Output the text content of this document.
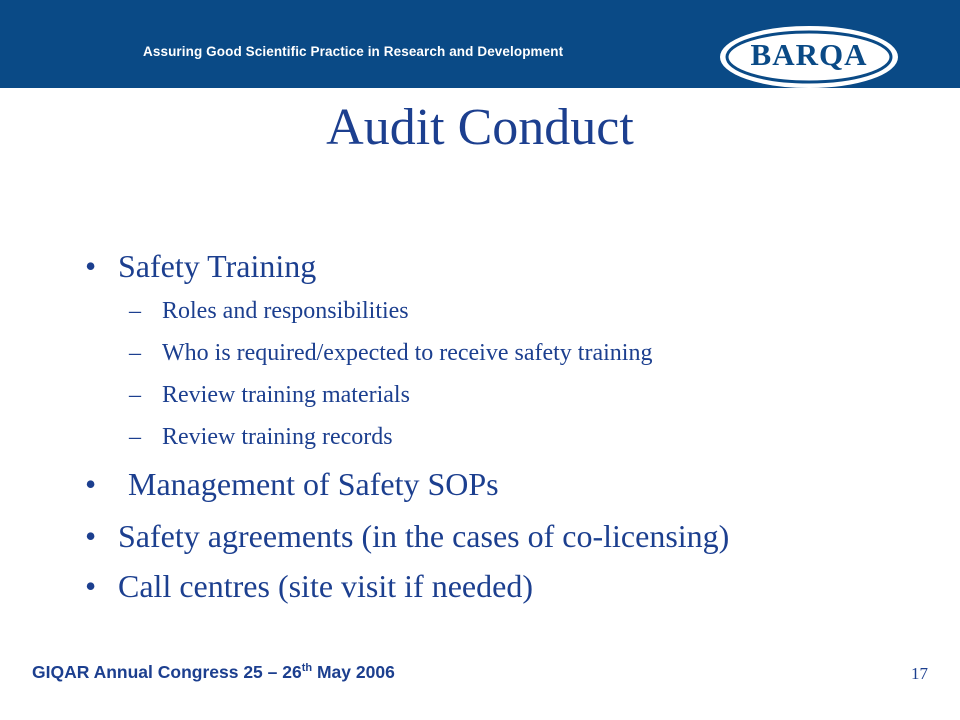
Assuring Good Scientific Practice in Research and Development	BARQA
Audit Conduct
• Safety Training
– Roles and responsibilities
– Who is required/expected to receive safety training
– Review training materials
– Review training records
• Management of Safety SOPs
• Safety agreements (in the cases of co-licensing)
• Call centres (site visit if needed)
GIQAR Annual Congress 25 – 26th May 2006	17
